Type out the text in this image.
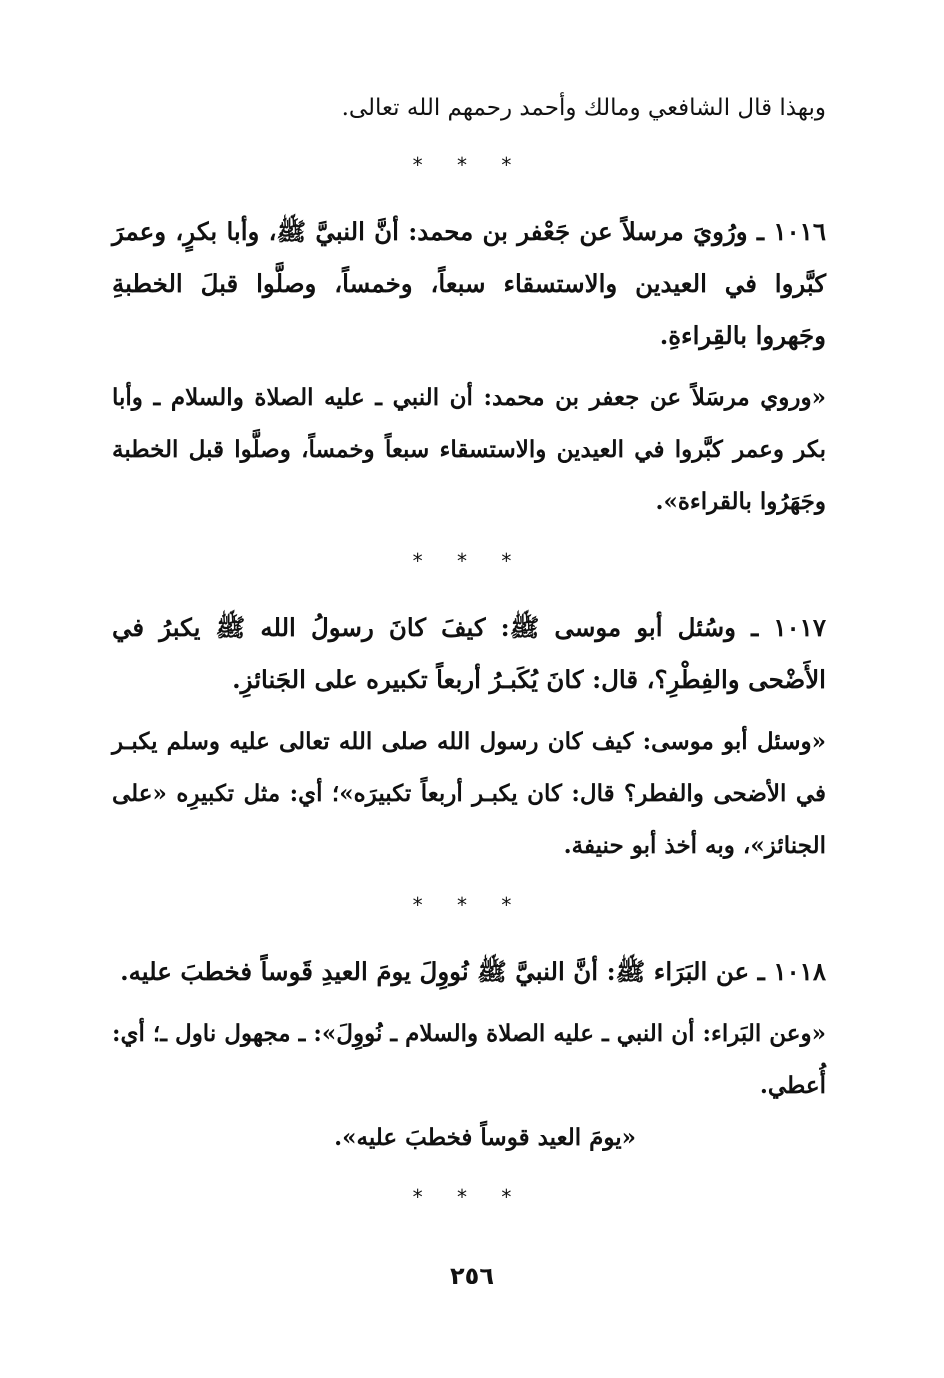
وبهذا قال الشافعي ومالك وأحمد رحمهم الله تعالى.

* * *

١٠١٦ ـ ورُويَ مرسلاً عن جَعْفر بن محمد: أنَّ النبيَّ ﷺ، وأبا بكرٍ، وعمرَ كبَّروا في العيدين والاستسقاء سبعاً، وخمساً، وصلَّوا قبلَ الخطبةِ وجَهروا بالقِراءةِ.

«وروي مرسَلاً عن جعفر بن محمد: أن النبي ـ عليه الصلاة والسلام ـ وأبا بكر وعمر كبَّروا في العيدين والاستسقاء سبعاً وخمساً، وصلَّوا قبل الخطبة وجَهَرُوا بالقراءة».

* * *

١٠١٧ ـ وسُئل أبو موسى ﷺ: كيفَ كانَ رسولُ الله ﷺ يكبرُ في الأَضْحى والفِطْرِ؟، قال: كانَ يُكَبـرُ أربعاً تكبيره على الجَنائزِ.

«وسئل أبو موسى: كيف كان رسول الله صلى الله تعالى عليه وسلم يكبـر في الأضحى والفطر؟ قال: كان يكبـر أربعاً تكبيرَه»؛ أي: مثل تكبيرِه «على الجنائز»، وبه أخذ أبو حنيفة.

* * *

١٠١٨ ـ عن البَرَاء ﷺ: أنَّ النبيَّ ﷺ نُووِلَ يومَ العيدِ قَوساً فخطبَ عليه.

«وعن البَراء: أن النبي ـ عليه الصلاة والسلام ـ نُووِلَ»: ـ مجهول ناول ـ؛ أي: أُعطي.

«يومَ العيد قوساً فخطبَ عليه».

* * *
٢٥٦
